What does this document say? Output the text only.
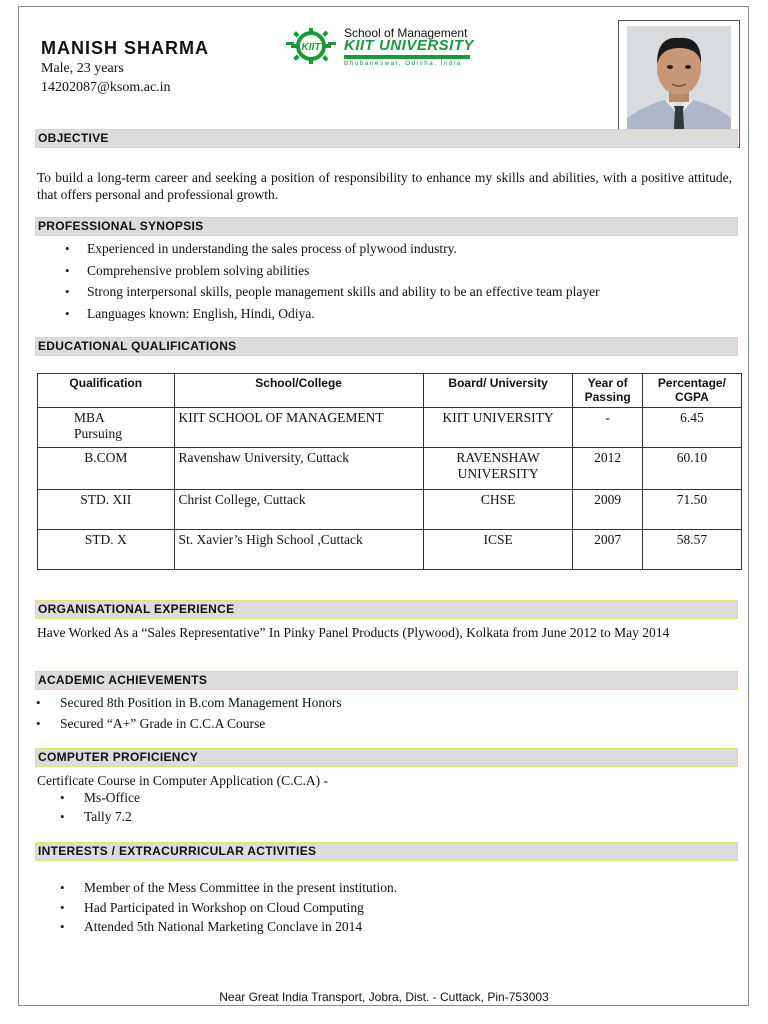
MANISH SHARMA
Male, 23 years
14202087@ksom.ac.in
KIIT
School of Management
KIIT UNIVERSITY
Bhubaneswar, Odisha, India
OBJECTIVE
To build a long-term career and seeking a position of responsibility to enhance my skills and abilities, with a positive attitude, that offers personal and professional growth.
PROFESSIONAL SYNOPSIS
• Experienced in understanding the sales process of plywood industry.
• Comprehensive problem solving abilities
• Strong interpersonal skills, people management skills and ability to be an effective team player
• Languages known: English, Hindi, Odiya.
EDUCATIONAL QUALIFICATIONS
Qualification	School/College	Board/ University	Year of Passing	Percentage/ CGPA
MBA Pursuing	KIIT SCHOOL OF MANAGEMENT	KIIT UNIVERSITY	-	6.45
B.COM	Ravenshaw University, Cuttack	RAVENSHAW UNIVERSITY	2012	60.10
STD. XII	Christ College, Cuttack	CHSE	2009	71.50
STD. X	St. Xavier’s High School ,Cuttack	ICSE	2007	58.57
ORGANISATIONAL EXPERIENCE
Have Worked As a “Sales Representative” In Pinky Panel Products (Plywood), Kolkata from June 2012 to May 2014
ACADEMIC ACHIEVEMENTS
• Secured 8th Position in B.com Management Honors
• Secured “A+” Grade in C.C.A Course
COMPUTER PROFICIENCY
Certificate Course in Computer Application (C.C.A) -
• Ms-Office
• Tally 7.2
INTERESTS / EXTRACURRICULAR ACTIVITIES
• Member of the Mess Committee in the present institution.
• Had Participated in Workshop on Cloud Computing
• Attended 5th National Marketing Conclave in 2014
Near Great India Transport, Jobra, Dist. - Cuttack, Pin-753003
